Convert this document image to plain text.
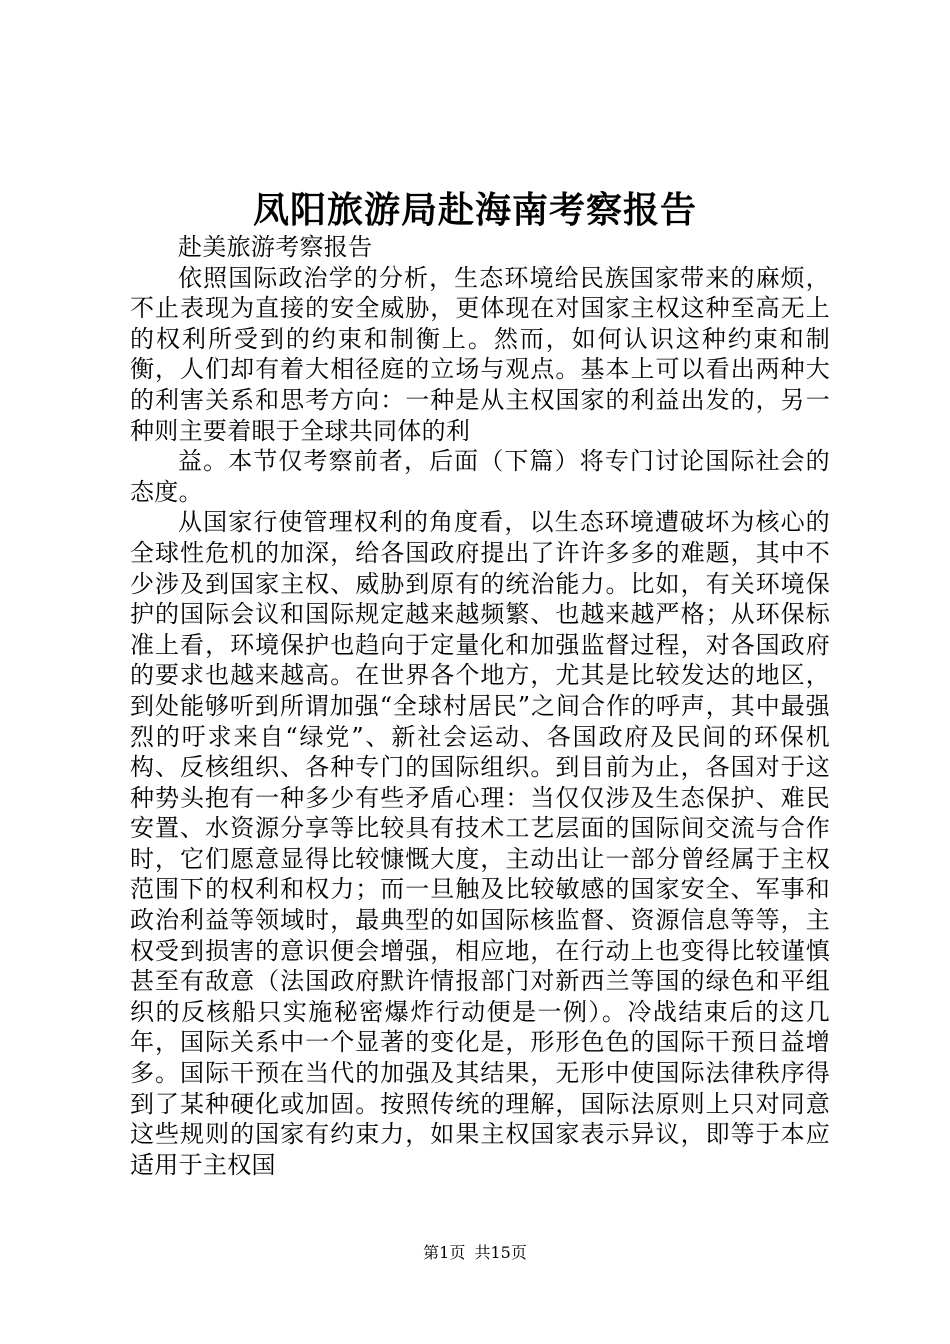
凤阳旅游局赴海南考察报告

赴美旅游考察报告

依照国际政治学的分析，生态环境给民族国家带来的麻烦，不止表现为直接的安全威胁，更体现在对国家主权这种至高无上的权利所受到的约束和制衡上。然而，如何认识这种约束和制衡，人们却有着大相径庭的立场与观点。基本上可以看出两种大的利害关系和思考方向：一种是从主权国家的利益出发的，另一种则主要着眼于全球共同体的利

益。本节仅考察前者，后面（下篇）将专门讨论国际社会的态度。

从国家行使管理权利的角度看，以生态环境遭破坏为核心的全球性危机的加深，给各国政府提出了许许多多的难题，其中不少涉及到国家主权、威胁到原有的统治能力。比如，有关环境保护的国际会议和国际规定越来越频繁、也越来越严格；从环保标准上看，环境保护也趋向于定量化和加强监督过程，对各国政府的要求也越来越高。在世界各个地方，尤其是比较发达的地区，到处能够听到所谓加强“全球村居民”之间合作的呼声，其中最强烈的吁求来自“绿党”、新社会运动、各国政府及民间的环保机构、反核组织、各种专门的国际组织。到目前为止，各国对于这种势头抱有一种多少有些矛盾心理：当仅仅涉及生态保护、难民安置、水资源分享等比较具有技术工艺层面的国际间交流与合作时，它们愿意显得比较慷慨大度，主动出让一部分曾经属于主权范围下的权利和权力；而一旦触及比较敏感的国家安全、军事和政治利益等领域时，最典型的如国际核监督、资源信息等等，主权受到损害的意识便会增强，相应地，在行动上也变得比较谨慎甚至有敌意（法国政府默许情报部门对新西兰等国的绿色和平组织的反核船只实施秘密爆炸行动便是一例）。冷战结束后的这几年，国际关系中一个显著的变化是，形形色色的国际干预日益增多。国际干预在当代的加强及其结果，无形中使国际法律秩序得到了某种硬化或加固。按照传统的理解，国际法原则上只对同意这些规则的国家有约束力，如果主权国家表示异议，即等于本应适用于主权国

第1页 共15页
